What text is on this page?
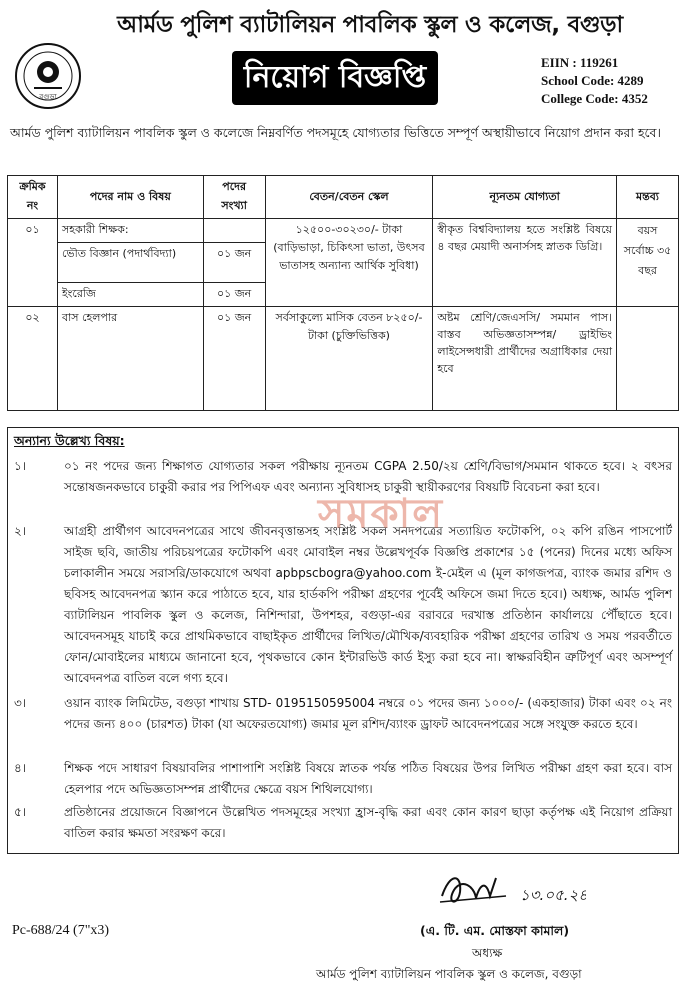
আর্মড পুলিশ ব্যাটালিয়ন পাবলিক স্কুল ও কলেজ, বগুড়া
বগুড়া
নিয়োগ বিজ্ঞপ্তি	EIIN : 119261
School Code: 4289
College Code: 4352
আর্মড পুলিশ ব্যাটালিয়ন পাবলিক স্কুল ও কলেজে নিম্নবর্ণিত পদসমূহে যোগ্যতার ভিত্তিতে সম্পূর্ণ অস্থায়ীভাবে নিয়োগ প্রদান করা হবে।
ক্রমিক নং	পদের নাম ও বিষয়	পদের সংখ্যা	বেতন/বেতন স্কেল	ন্যূনতম যোগ্যতা	মন্তব্য
০১	সহকারী শিক্ষক:		১২৫০০-৩০২৩০/- টাকা (বাড়িভাড়া, চিকিৎসা ভাতা, উৎসব ভাতাসহ অন্যান্য আর্থিক সুবিধা)	স্বীকৃত বিশ্ববিদ্যালয় হতে সংশ্লিষ্ট বিষয়ে ৪ বছর মেয়াদী অনার্সসহ স্নাতক ডিগ্রি।	বয়স সর্বোচ্চ ৩৫ বছর
	ভৌত বিজ্ঞান (পদার্থবিদ্যা)	০১ জন			
	ইংরেজি	০১ জন			
০২	বাস হেলপার	০১ জন	সর্বসাকুল্যে মাসিক বেতন ৮২৫০/- টাকা (চুক্তিভিত্তিক)	অষ্টম শ্রেণি/জেএসসি/ সমমান পাস। বাস্তব অভিজ্ঞতাসম্পন্ন/ ড্রাইভিং লাইসেন্সধারী প্রার্থীদের অগ্রাধিকার দেয়া হবে	
অন্যান্য উল্লেখ্য বিষয়:
১।	০১ নং পদের জন্য শিক্ষাগত যোগ্যতার সকল পরীক্ষায় ন্যূনতম CGPA 2.50/২য় শ্রেণি/বিভাগ/সমমান থাকতে হবে। ২ বৎসর সন্তোষজনকভাবে চাকুরী করার পর পিপিএফ এবং অন্যান্য সুবিধাসহ চাকুরী স্থায়ীকরণের বিষয়টি বিবেচনা করা হবে।
২।	আগ্রহী প্রার্থীগণ আবেদনপত্রের সাথে জীবনবৃত্তান্তসহ সংশ্লিষ্ট সকল সনদপত্রের সত্যায়িত ফটোকপি, ০২ কপি রঙিন পাসপোর্ট সাইজ ছবি, জাতীয় পরিচয়পত্রের ফটোকপি এবং মোবাইল নম্বর উল্লেখপূর্বক বিজ্ঞপ্তি প্রকাশের ১৫ (পনের) দিনের মধ্যে অফিস চলাকালীন সময়ে সরাসরি/ডাকযোগে অথবা apbpscbogra@yahoo.com ই-মেইল এ (মূল কাগজপত্র, ব্যাংক জমার রশিদ ও ছবিসহ আবেদনপত্র স্ক্যান করে পাঠাতে হবে, যার হার্ডকপি পরীক্ষা গ্রহণের পূর্বেই অফিসে জমা দিতে হবে।) অধ্যক্ষ, আর্মড পুলিশ ব্যাটালিয়ন পাবলিক স্কুল ও কলেজ, নিশিন্দারা, উপশহর, বগুড়া-এর বরাবরে দরখাস্ত প্রতিষ্ঠান কার্যালয়ে পৌঁছাতে হবে। আবেদনসমূহ যাচাই করে প্রাথমিকভাবে বাছাইকৃত প্রার্থীদের লিখিত/মৌখিক/ব্যবহারিক পরীক্ষা গ্রহণের তারিখ ও সময় পরবর্তীতে ফোন/মোবাইলের মাধ্যমে জানানো হবে, পৃথকভাবে কোন ইন্টারভিউ কার্ড ইস্যু করা হবে না। স্বাক্ষরবিহীন ত্রুটিপূর্ণ এবং অসম্পূর্ণ আবেদনপত্র বাতিল বলে গণ্য হবে।
৩।	ওয়ান ব্যাংক লিমিটেড, বগুড়া শাখায় STD- 0195150595004 নম্বরে ০১ পদের জন্য ১০০০/- (একহাজার) টাকা এবং ০২ নং পদের জন্য ৪০০ (চারশত) টাকা (যা অফেরতযোগ্য) জমার মূল রশিদ/ব্যাংক ড্রাফট আবেদনপত্রের সঙ্গে সংযুক্ত করতে হবে।
৪।	শিক্ষক পদে সাধারণ বিষয়াবলির পাশাপাশি সংশ্লিষ্ট বিষয়ে স্নাতক পর্যন্ত পঠিত বিষয়ের উপর লিখিত পরীক্ষা গ্রহণ করা হবে। বাস হেলপার পদে অভিজ্ঞতাসম্পন্ন প্রার্থীদের ক্ষেত্রে বয়স শিথিলযোগ্য।
৫।	প্রতিষ্ঠানের প্রয়োজনে বিজ্ঞাপনে উল্লেখিত পদসমূহের সংখ্যা হ্রাস-বৃদ্ধি করা এবং কোন কারণ ছাড়া কর্তৃপক্ষ এই নিয়োগ প্রক্রিয়া বাতিল করার ক্ষমতা সংরক্ষণ করে।
সমকাল
১৩.০৫.২৪
Pc-688/24 (7"x3)	(এ. টি. এম. মোস্তফা কামাল)
অধ্যক্ষ
আর্মড পুলিশ ব্যাটালিয়ন পাবলিক স্কুল ও কলেজ, বগুড়া
